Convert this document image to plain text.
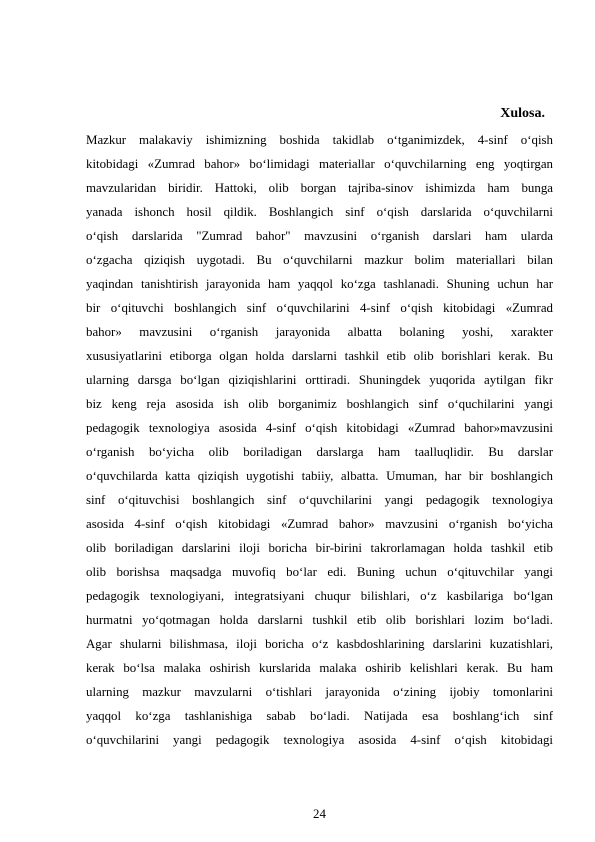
Xulosa.
Mazkur malakaviy ishimizning boshida takidlab oʻtganimizdek, 4-sinf oʻqish
kitobidagi «Zumrad bahor» boʻlimidagi materiallar oʻquvchilarning eng yoqtirgan
mavzularidan biridir. Hattoki, olib borgan tajriba-sinov ishimizda ham bunga
yanada ishonch hosil qildik. Boshlangich sinf oʻqish darslarida oʻquvchilarni
oʻqish darslarida "Zumrad bahor" mavzusini oʻrganish darslari ham ularda
oʻzgacha qiziqish uygotadi. Bu oʻquvchilarni mazkur bolim materiallari bilan
yaqindan tanishtirish jarayonida ham yaqqol koʻzga tashlanadi. Shuning uchun har
bir oʻqituvchi boshlangich sinf oʻquvchilarini 4-sinf oʻqish kitobidagi «Zumrad
bahor» mavzusini oʻrganish jarayonida albatta bolaning yoshi, xarakter
xususiyatlarini etiborga olgan holda darslarni tashkil etib olib borishlari kerak. Bu
ularning darsga boʻlgan qiziqishlarini orttiradi. Shuningdek yuqorida aytilgan fikr
biz keng reja asosida ish olib borganimiz boshlangich sinf oʻquchilarini yangi
pedagogik texnologiya asosida 4-sinf oʻqish kitobidagi «Zumrad bahor»mavzusini
oʻrganish boʻyicha olib boriladigan darslarga ham taalluqlidir. Bu darslar
oʻquvchilarda katta qiziqish uygotishi tabiiy, albatta. Umuman, har bir boshlangich
sinf oʻqituvchisi boshlangich sinf oʻquvchilarini yangi pedagogik texnologiya
asosida 4-sinf oʻqish kitobidagi «Zumrad bahor» mavzusini oʻrganish boʻyicha
olib boriladigan darslarini iloji boricha bir-birini takrorlamagan holda tashkil etib
olib borishsa maqsadga muvofiq boʻlar edi. Buning uchun oʻqituvchilar yangi
pedagogik texnologiyani, integratsiyani chuqur bilishlari, oʻz kasbilariga boʻlgan
hurmatni yoʻqotmagan holda darslarni tushkil etib olib borishlari lozim boʻladi.
Agar shularni bilishmasa, iloji boricha oʻz kasbdoshlarining darslarini kuzatishlari,
kerak boʻlsa malaka oshirish kurslarida malaka oshirib kelishlari kerak. Bu ham
ularning mazkur mavzularni oʻtishlari jarayonida oʻzining ijobiy tomonlarini
yaqqol koʻzga tashlanishiga sabab boʻladi. Natijada esa boshlangʻich sinf
oʻquvchilarini yangi pedagogik texnologiya asosida 4-sinf oʻqish kitobidagi
24
